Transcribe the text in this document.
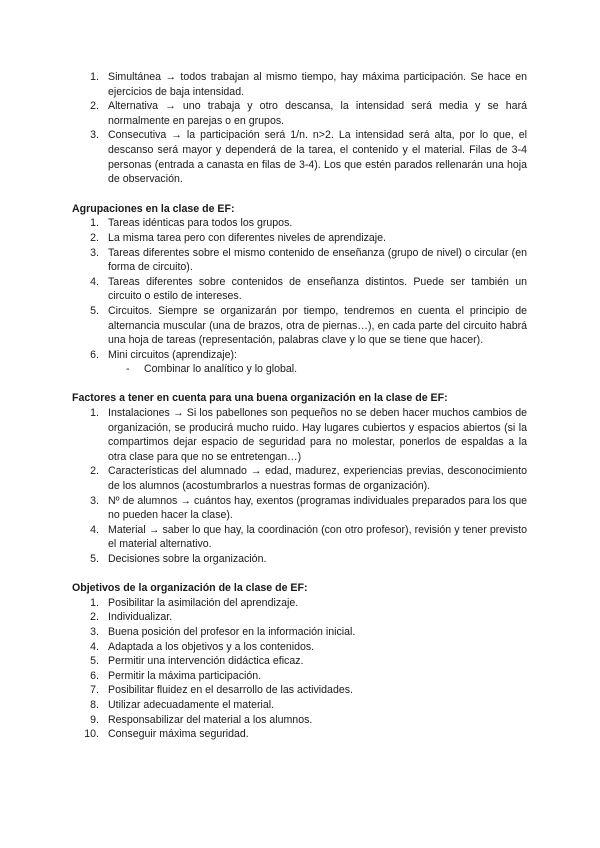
1. Simultánea → todos trabajan al mismo tiempo, hay máxima participación. Se hace en ejercicios de baja intensidad.
2. Alternativa → uno trabaja y otro descansa, la intensidad será media y se hará normalmente en parejas o en grupos.
3. Consecutiva → la participación será 1/n. n>2. La intensidad será alta, por lo que, el descanso será mayor y dependerá de la tarea, el contenido y el material. Filas de 3-4 personas (entrada a canasta en filas de 3-4). Los que estén parados rellenarán una hoja de observación.

Agrupaciones en la clase de EF:

1. Tareas idénticas para todos los grupos.
2. La misma tarea pero con diferentes niveles de aprendizaje.
3. Tareas diferentes sobre el mismo contenido de enseñanza (grupo de nivel) o circular (en forma de circuito).
4. Tareas diferentes sobre contenidos de enseñanza distintos. Puede ser también un circuito o estilo de intereses.
5. Circuitos. Siempre se organizarán por tiempo, tendremos en cuenta el principio de alternancia muscular (una de brazos, otra de piernas…), en cada parte del circuito habrá una hoja de tareas (representación, palabras clave y lo que se tiene que hacer).
6. Mini circuitos (aprendizaje):
- Combinar lo analítico y lo global.

Factores a tener en cuenta para una buena organización en la clase de EF:

1. Instalaciones → Si los pabellones son pequeños no se deben hacer muchos cambios de organización, se producirá mucho ruido. Hay lugares cubiertos y espacios abiertos (si la compartimos dejar espacio de seguridad para no molestar, ponerlos de espaldas a la otra clase para que no se entretengan…)
2. Características del alumnado → edad, madurez, experiencias previas, desconocimiento de los alumnos (acostumbrarlos a nuestras formas de organización).
3. Nº de alumnos → cuántos hay, exentos (programas individuales preparados para los que no pueden hacer la clase).
4. Material → saber lo que hay, la coordinación (con otro profesor), revisión y tener previsto el material alternativo.
5. Decisiones sobre la organización.

Objetivos de la organización de la clase de EF:

1. Posibilitar la asimilación del aprendizaje.
2. Individualizar.
3. Buena posición del profesor en la información inicial.
4. Adaptada a los objetivos y a los contenidos.
5. Permitir una intervención didáctica eficaz.
6. Permitir la máxima participación.
7. Posibilitar fluidez en el desarrollo de las actividades.
8. Utilizar adecuadamente el material.
9. Responsabilizar del material a los alumnos.
10. Conseguir máxima seguridad.
